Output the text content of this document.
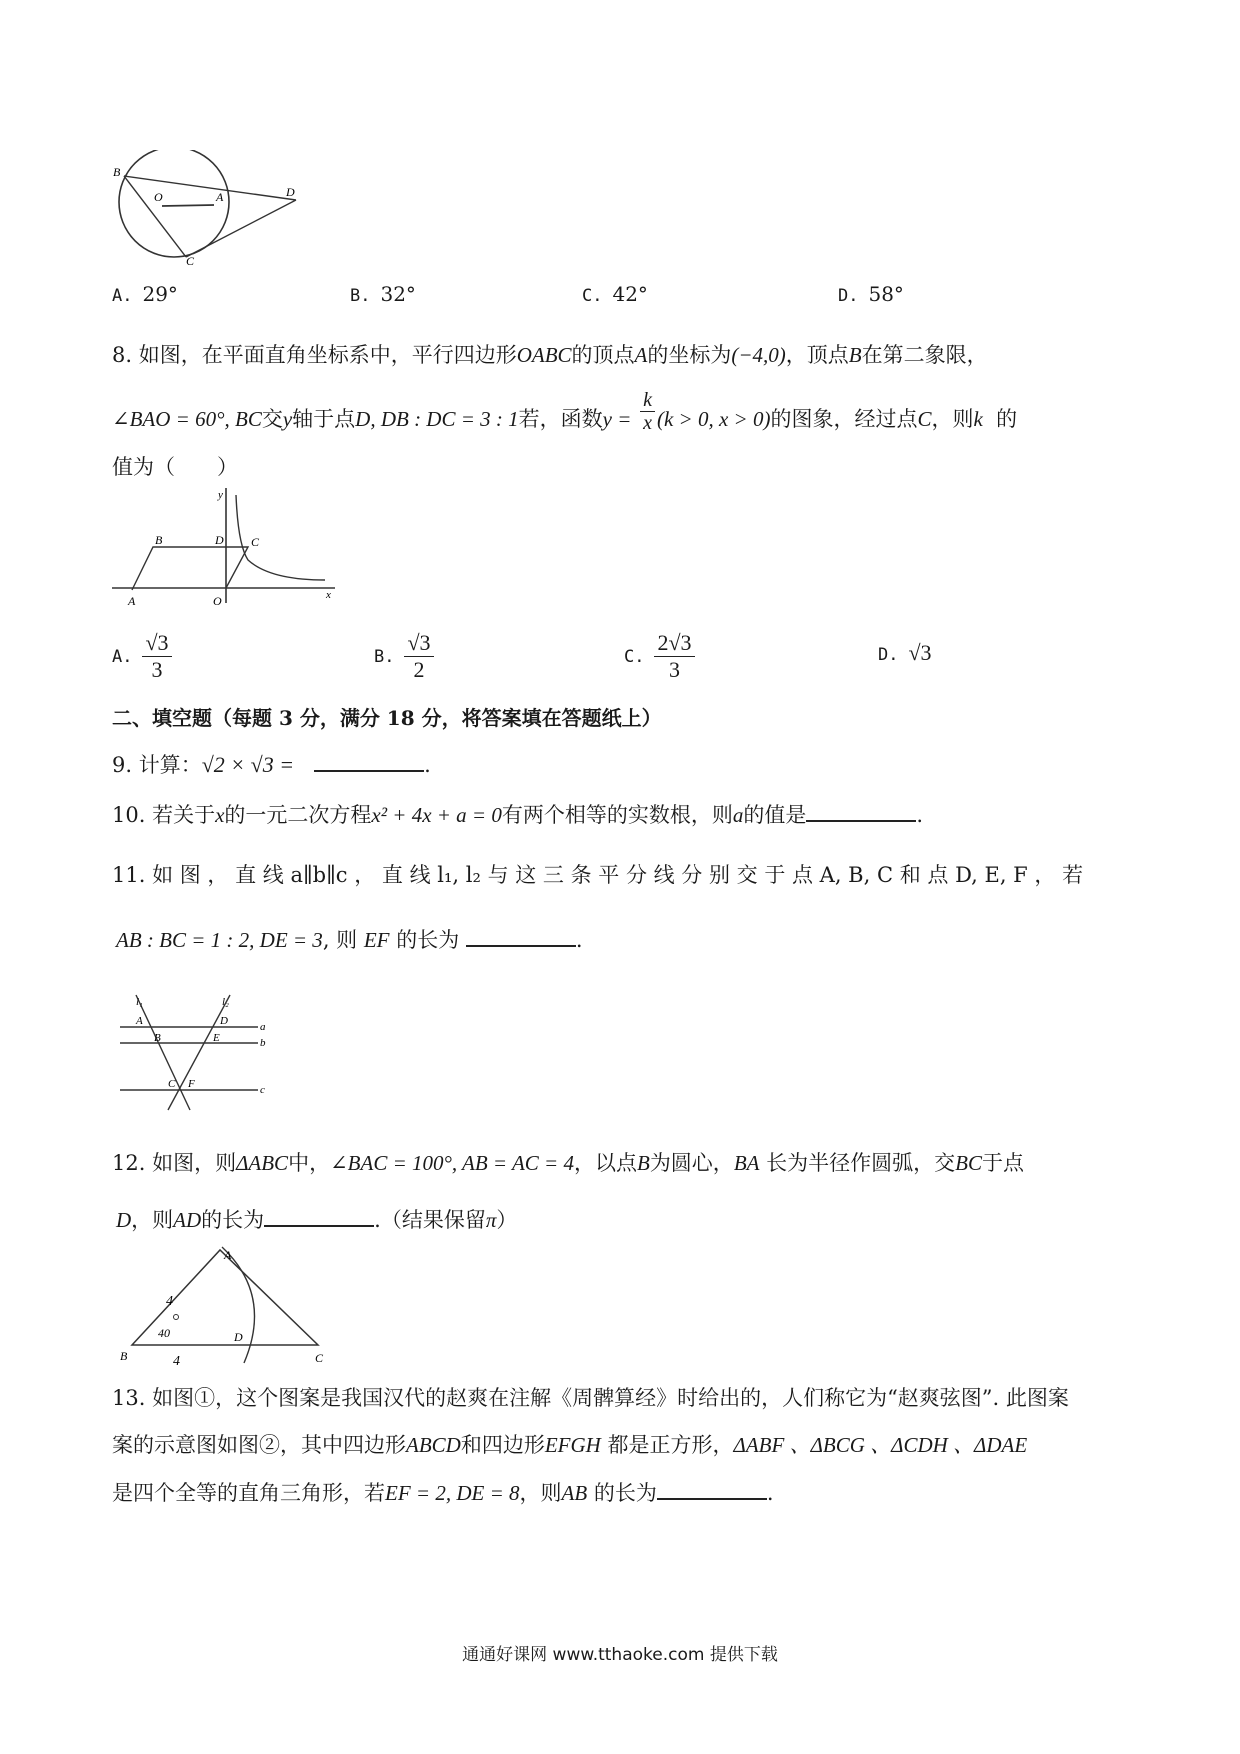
B
O	A	D
C
A. 29°	B. 32°	C. 42°	D. 58°
8. 如图，在平面直角坐标系中，平行四边形OABC的顶点A的坐标为(−4,0)，顶点B在第二象限，
∠BAO = 60°, BC交y轴于点D, DB : DC = 3 : 1若，函数$y = \frac{k}{x} (k > 0$, x > 0)的图象，经过点C，则k 的
值为（　　）
y
B	D C
A	O	x
A. $\frac{√3}{3}$	B. $\frac{√3}{2}$	C. $\frac{2√3}{3}$	D. √3
二、填空题（每题 3 分，满分 18 分，将答案填在答题纸上）
9. 计算：√2 × √3 =	.
10. 若关于x的一元二次方程x² + 4x + a = 0有两个相等的实数根，则a的值是	.
11. 如 图 ， 直 线 a∥b∥c ， 直 线 l₁, l₂ 与 这 三 条 平 分 线 分 别 交 于 点 A, B, C 和 点 D, E, F ， 若
AB : BC = 1 : 2, DE = 3, 则 EF 的长为	.
l₁	l₂
A	D	a
B	E	b
C F	c
12. 如图，则ΔABC中，∠BAC = 100°, AB = AC = 4，以点B为圆心，BA 长为半径作圆弧，交BC于点
D，则AD的长为	.（结果保留π）
A
B
D
C
4
40
4
13. 如图①，这个图案是我国汉代的赵爽在注解《周髀算经》时给出的，人们称它为“赵爽弦图”. 此图案
案的示意图如图②，其中四边形ABCD和四边形EFGH 都是正方形，ΔABF 、ΔBCG 、ΔCDH 、ΔDAE
是四个全等的直角三角形，若EF = 2, DE = 8，则AB 的长为	.
通通好课网 www.tthaoke.com 提供下载
